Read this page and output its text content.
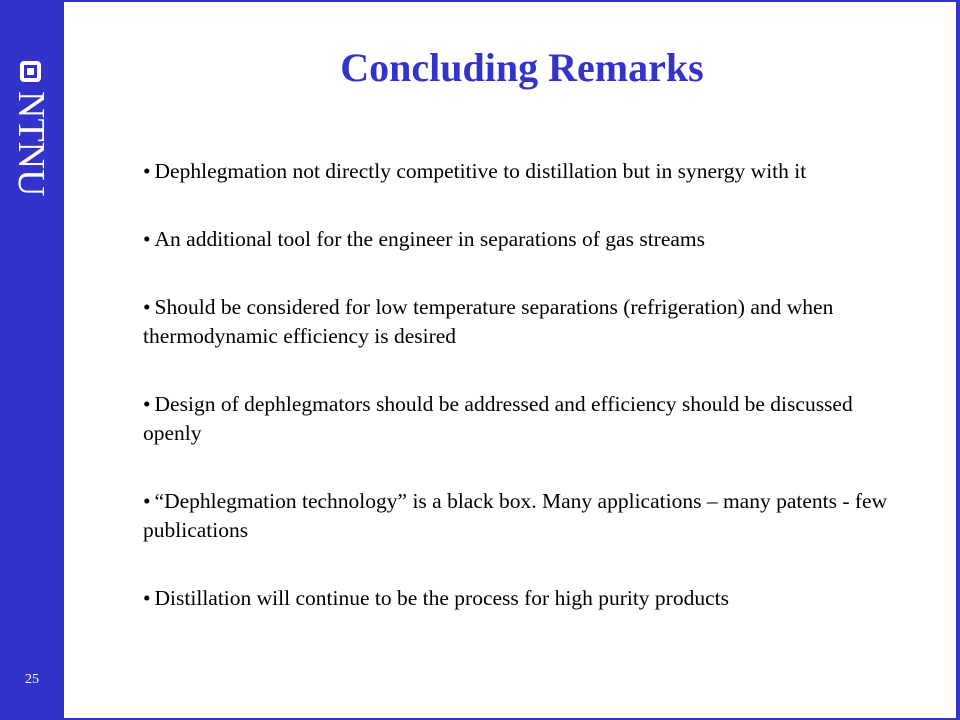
NTNU
25
Concluding Remarks
• Dephlegmation not directly competitive to distillation but in synergy with it
• An additional tool for the engineer in separations of gas streams
• Should be considered for low temperature separations (refrigeration) and when thermodynamic efficiency is desired
• Design of dephlegmators should be addressed and efficiency should be discussed openly
• “Dephlegmation technology” is a black box. Many applications – many patents - few publications
• Distillation will continue to be the process for high purity products
